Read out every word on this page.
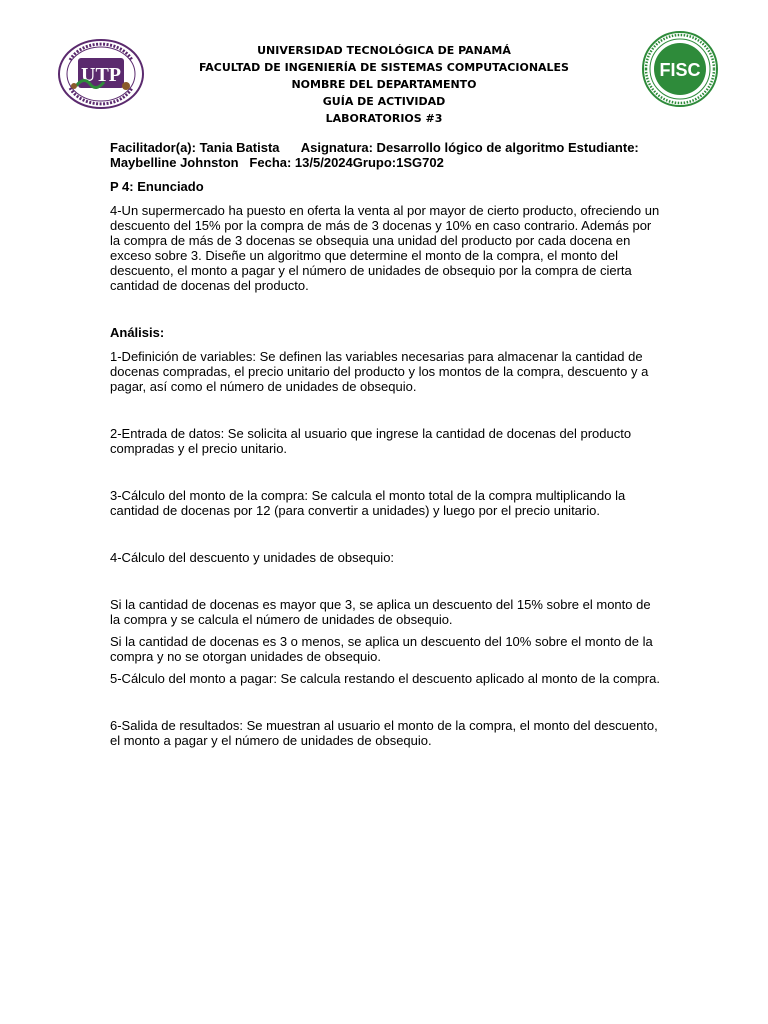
UTP	FISC
UNIVERSIDAD TECNOLÓGICA DE PANAMÁ
FACULTAD DE INGENIERÍA DE SISTEMAS COMPUTACIONALES
NOMBRE DEL DEPARTAMENTO
GUÍA DE ACTIVIDAD
LABORATORIOS #3

Facilitador(a): Tania Batista Asignatura: Desarrollo lógico de algoritmo Estudiante:
Maybelline Johnston Fecha: 13/5/2024Grupo:1SG702

P 4: Enunciado

4-Un supermercado ha puesto en oferta la venta al por mayor de cierto producto, ofreciendo un descuento del 15% por la compra de más de 3 docenas y 10% en caso contrario. Además por la compra de más de 3 docenas se obsequia una unidad del producto por cada docena en exceso sobre 3. Diseñe un algoritmo que determine el monto de la compra, el monto del descuento, el monto a pagar y el número de unidades de obsequio por la compra de cierta cantidad de docenas del producto.

Análisis:

1-Definición de variables: Se definen las variables necesarias para almacenar la cantidad de docenas compradas, el precio unitario del producto y los montos de la compra, descuento y a pagar, así como el número de unidades de obsequio.

2-Entrada de datos: Se solicita al usuario que ingrese la cantidad de docenas del producto compradas y el precio unitario.

3-Cálculo del monto de la compra: Se calcula el monto total de la compra multiplicando la cantidad de docenas por 12 (para convertir a unidades) y luego por el precio unitario.

4-Cálculo del descuento y unidades de obsequio:

Si la cantidad de docenas es mayor que 3, se aplica un descuento del 15% sobre el monto de la compra y se calcula el número de unidades de obsequio.

Si la cantidad de docenas es 3 o menos, se aplica un descuento del 10% sobre el monto de la compra y no se otorgan unidades de obsequio.

5-Cálculo del monto a pagar: Se calcula restando el descuento aplicado al monto de la compra.

6-Salida de resultados: Se muestran al usuario el monto de la compra, el monto del descuento, el monto a pagar y el número de unidades de obsequio.
